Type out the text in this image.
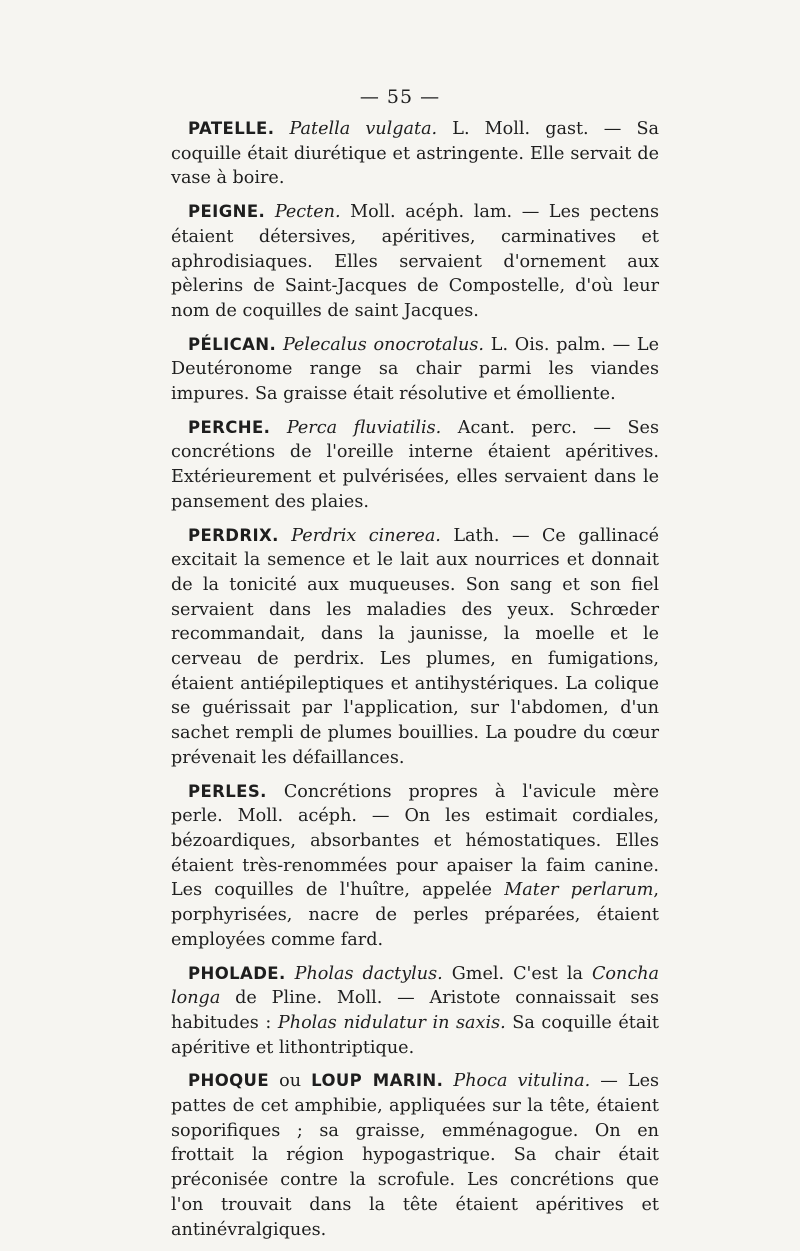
— 55 —

PATELLE. Patella vulgata. L. Moll. gast. — Sa coquille était diurétique et astringente. Elle servait de vase à boire.

PEIGNE. Pecten. Moll. acéph. lam. — Les pectens étaient détersives, apéritives, carminatives et aphrodisiaques. Elles servaient d'ornement aux pèlerins de Saint-Jacques de Compostelle, d'où leur nom de coquilles de saint Jacques.

PÉLICAN. Pelecalus onocrotalus. L. Ois. palm. — Le Deutéronome range sa chair parmi les viandes impures. Sa graisse était résolutive et émolliente.

PERCHE. Perca fluviatilis. Acant. perc. — Ses concrétions de l'oreille interne étaient apéritives. Extérieurement et pulvérisées, elles servaient dans le pansement des plaies.

PERDRIX. Perdrix cinerea. Lath. — Ce gallinacé excitait la semence et le lait aux nourrices et donnait de la tonicité aux muqueuses. Son sang et son fiel servaient dans les maladies des yeux. Schrœder recommandait, dans la jaunisse, la moelle et le cerveau de perdrix. Les plumes, en fumigations, étaient antiépileptiques et antihystériques. La colique se guérissait par l'application, sur l'abdomen, d'un sachet rempli de plumes bouillies. La poudre du cœur prévenait les défaillances.

PERLES. Concrétions propres à l'avicule mère perle. Moll. acéph. — On les estimait cordiales, bézoardiques, absorbantes et hémostatiques. Elles étaient très-renommées pour apaiser la faim canine. Les coquilles de l'huître, appelée Mater perlarum, porphyrisées, nacre de perles préparées, étaient employées comme fard.

PHOLADE. Pholas dactylus. Gmel. C'est la Concha longa de Pline. Moll. — Aristote connaissait ses habitudes : Pholas nidulatur in saxis. Sa coquille était apéritive et lithontriptique.

PHOQUE ou LOUP MARIN. Phoca vitulina. — Les pattes de cet amphibie, appliquées sur la tête, étaient soporifiques ; sa graisse, emménagogue. On en frottait la région hypogastrique. Sa chair était préconisée contre la scrofule. Les concrétions que l'on trouvait dans la tête étaient apéritives et antinévralgiques.
